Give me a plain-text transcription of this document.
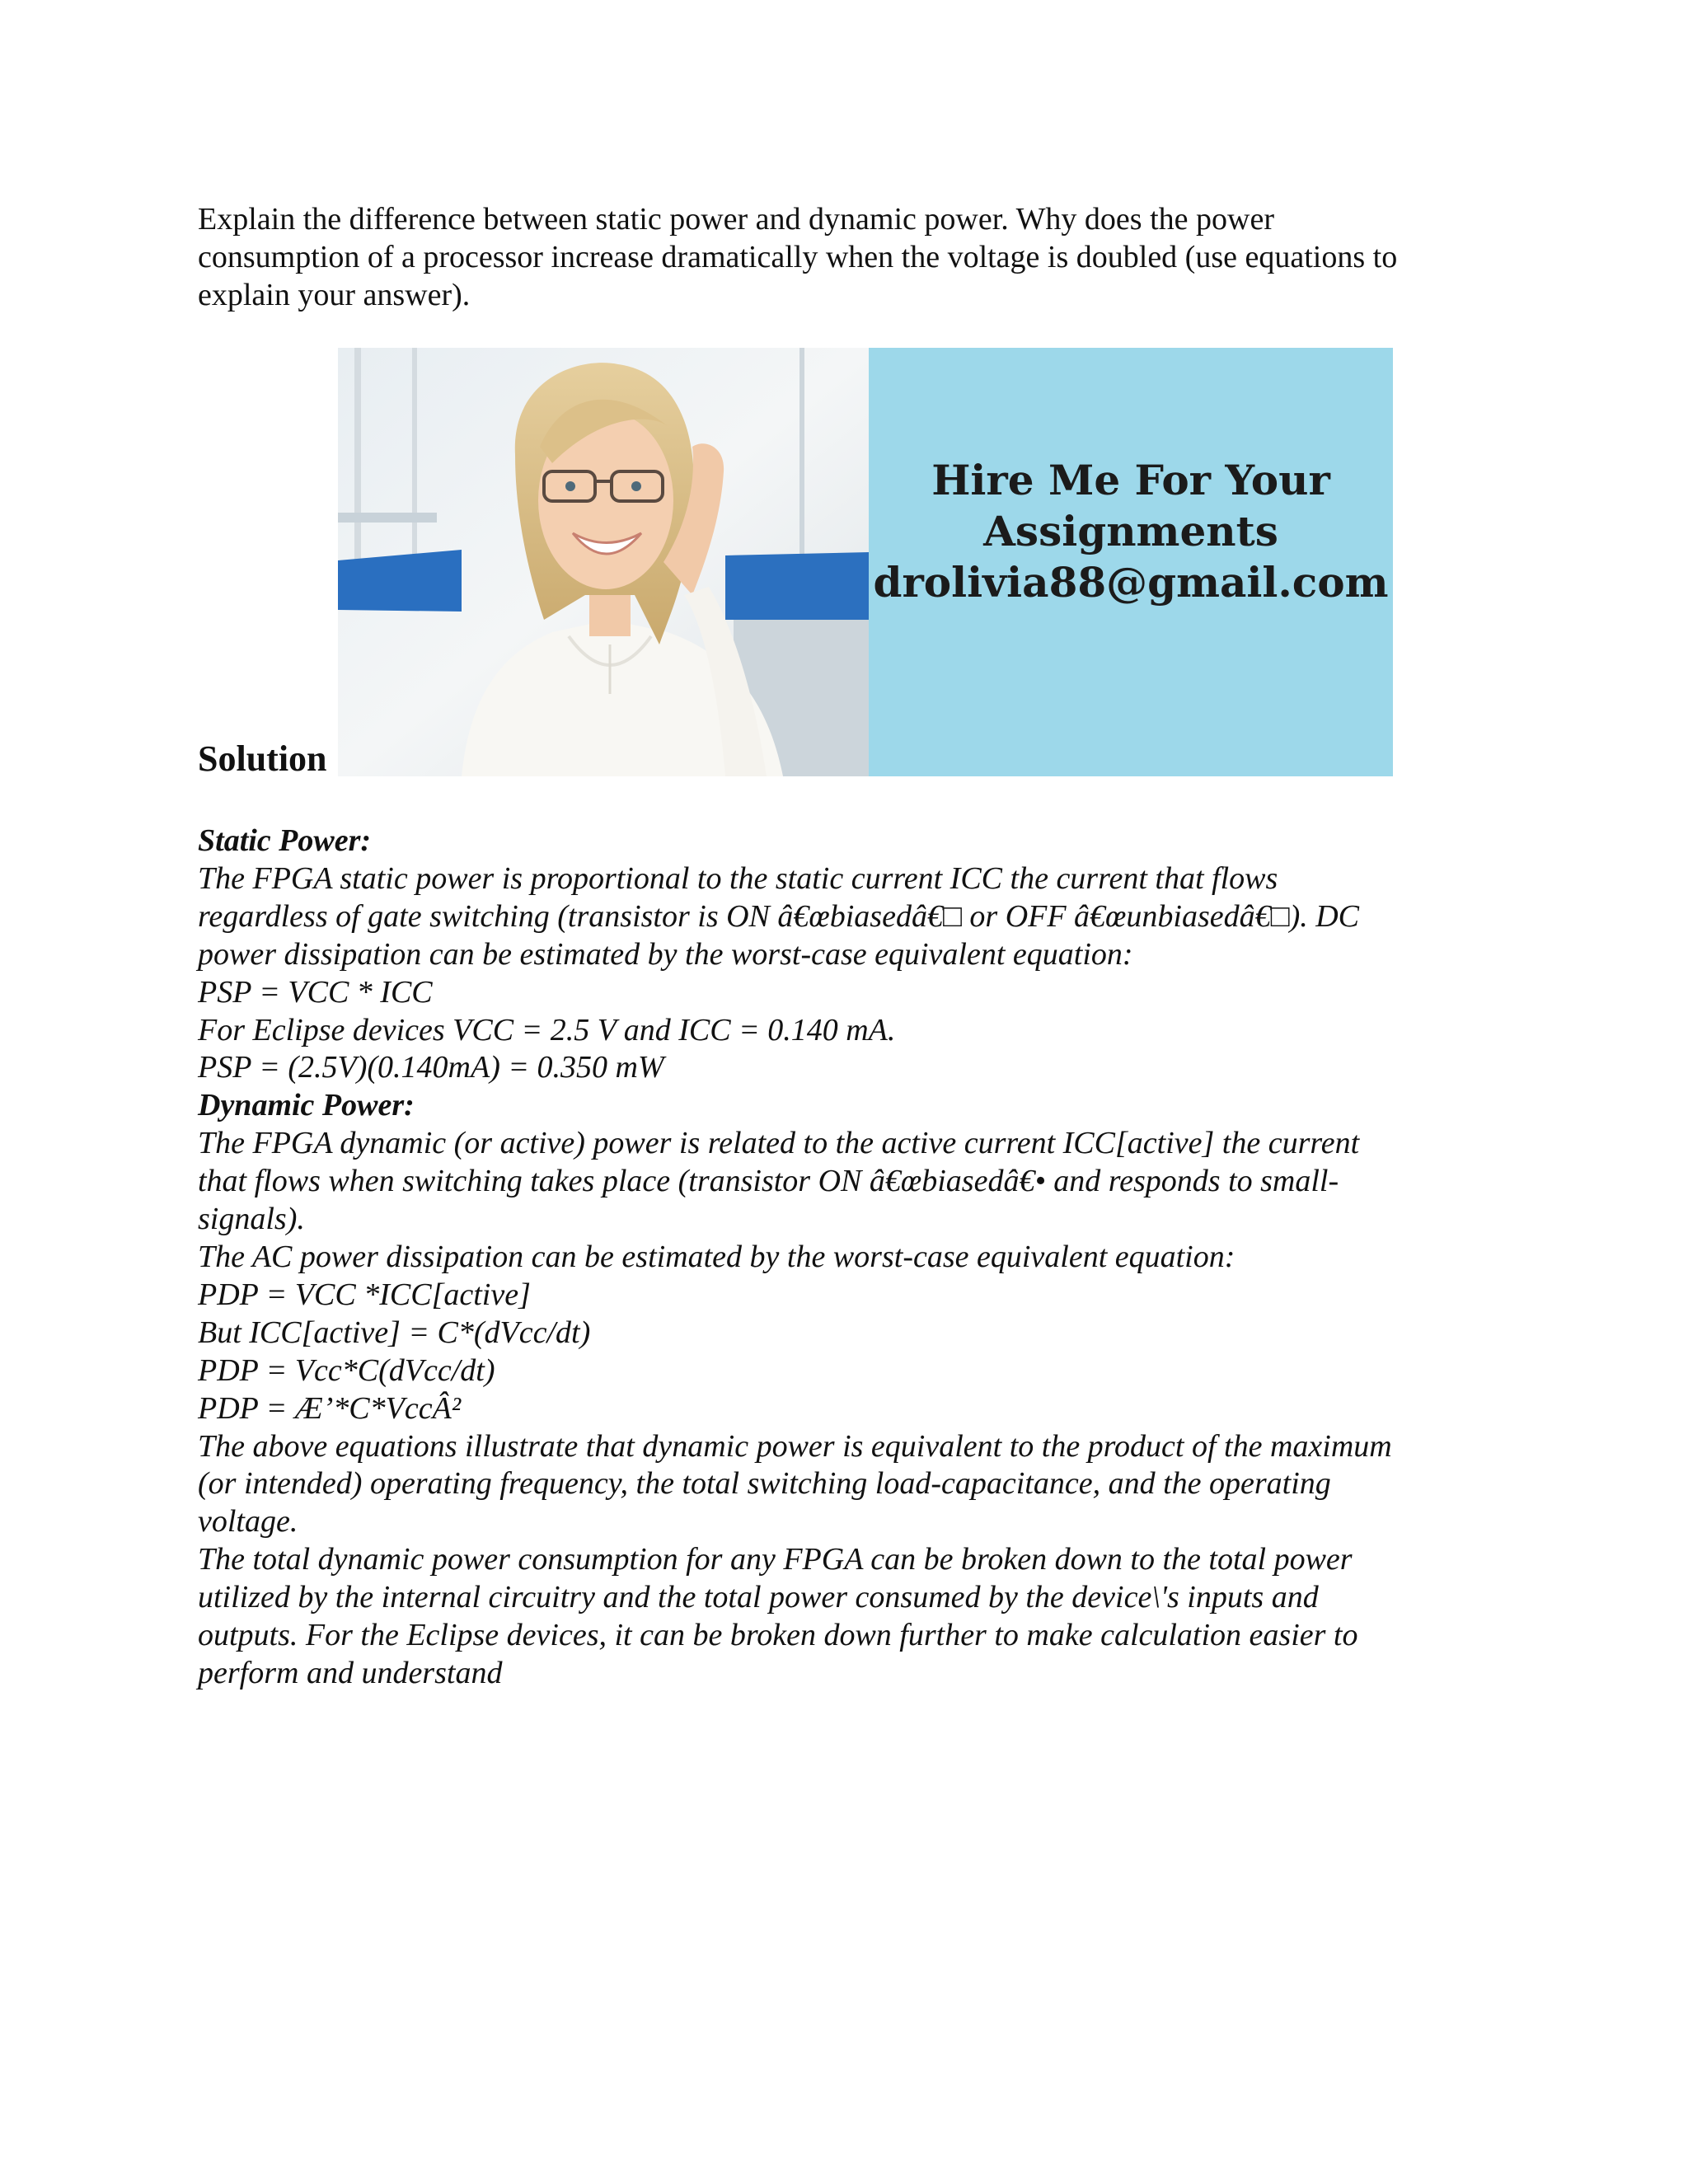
Explain the difference between static power and dynamic power. Why does the power
consumption of a processor increase dramatically when the voltage is doubled (use equations to
explain your answer).

Hire Me For Your
Assignments
drolivia88@gmail.com
Solution
Static Power:
The FPGA static power is proportional to the static current ICC the current that flows
regardless of gate switching (transistor is ON â€œbiasedâ€□ or OFF â€œunbiasedâ€□). DC
power dissipation can be estimated by the worst-case equivalent equation:
PSP = VCC * ICC
For Eclipse devices VCC = 2.5 V and ICC = 0.140 mA.
PSP = (2.5V)(0.140mA) = 0.350 mW
Dynamic Power:
The FPGA dynamic (or active) power is related to the active current ICC[active] the current
that flows when switching takes place (transistor ON â€œbiasedâ€• and responds to small-
signals).
The AC power dissipation can be estimated by the worst-case equivalent equation:
PDP = VCC *ICC[active]
But ICC[active] = C*(dVcc/dt)
PDP = Vcc*C(dVcc/dt)
PDP = Æ’*C*VccÂ²
The above equations illustrate that dynamic power is equivalent to the product of the maximum
(or intended) operating frequency, the total switching load-capacitance, and the operating
voltage.
The total dynamic power consumption for any FPGA can be broken down to the total power
utilized by the internal circuitry and the total power consumed by the device\'s inputs and
outputs. For the Eclipse devices, it can be broken down further to make calculation easier to
perform and understand
